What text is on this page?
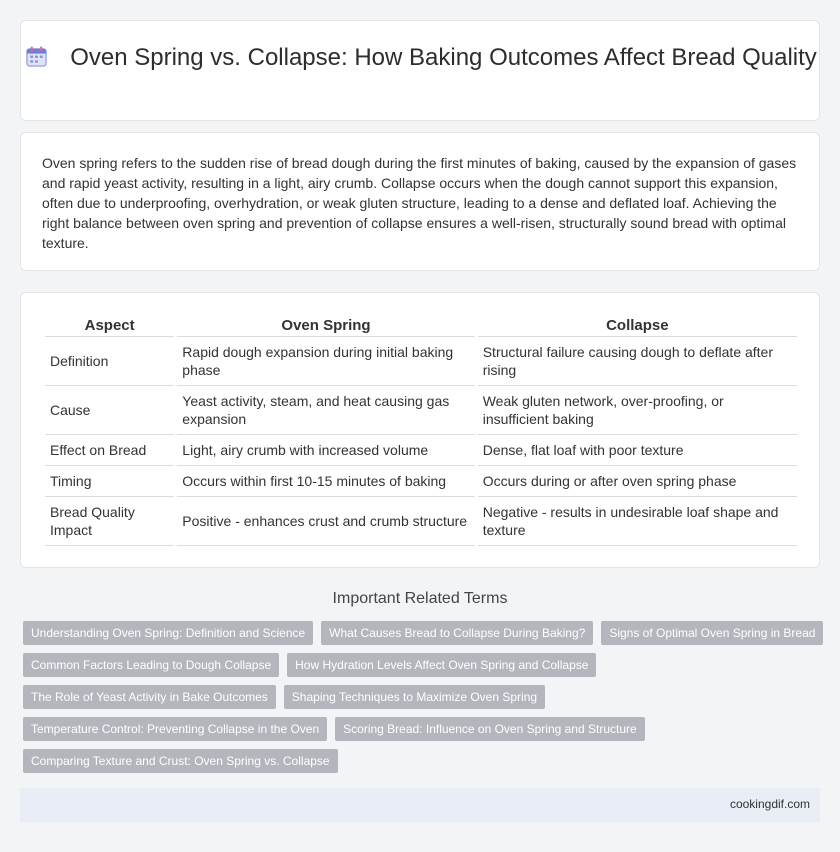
Oven Spring vs. Collapse: How Baking Outcomes Affect Bread Quality

Oven spring refers to the sudden rise of bread dough during the first minutes of baking, caused by the expansion of gases and rapid yeast activity, resulting in a light, airy crumb. Collapse occurs when the dough cannot support this expansion, often due to underproofing, overhydration, or weak gluten structure, leading to a dense and deflated loaf. Achieving the right balance between oven spring and prevention of collapse ensures a well-risen, structurally sound bread with optimal texture.

Aspect	Oven Spring	Collapse
Definition	Rapid dough expansion during initial baking phase	Structural failure causing dough to deflate after rising
Cause	Yeast activity, steam, and heat causing gas expansion	Weak gluten network, over-proofing, or insufficient baking
Effect on Bread	Light, airy crumb with increased volume	Dense, flat loaf with poor texture
Timing	Occurs within first 10-15 minutes of baking	Occurs during or after oven spring phase
Bread Quality Impact	Positive - enhances crust and crumb structure	Negative - results in undesirable loaf shape and texture
Important Related Terms
Understanding Oven Spring: Definition and Science	What Causes Bread to Collapse During Baking?	Signs of Optimal Oven Spring in Bread
Common Factors Leading to Dough Collapse	How Hydration Levels Affect Oven Spring and Collapse
The Role of Yeast Activity in Bake Outcomes	Shaping Techniques to Maximize Oven Spring
Temperature Control: Preventing Collapse in the Oven	Scoring Bread: Influence on Oven Spring and Structure
Comparing Texture and Crust: Oven Spring vs. Collapse
cookingdif.com
